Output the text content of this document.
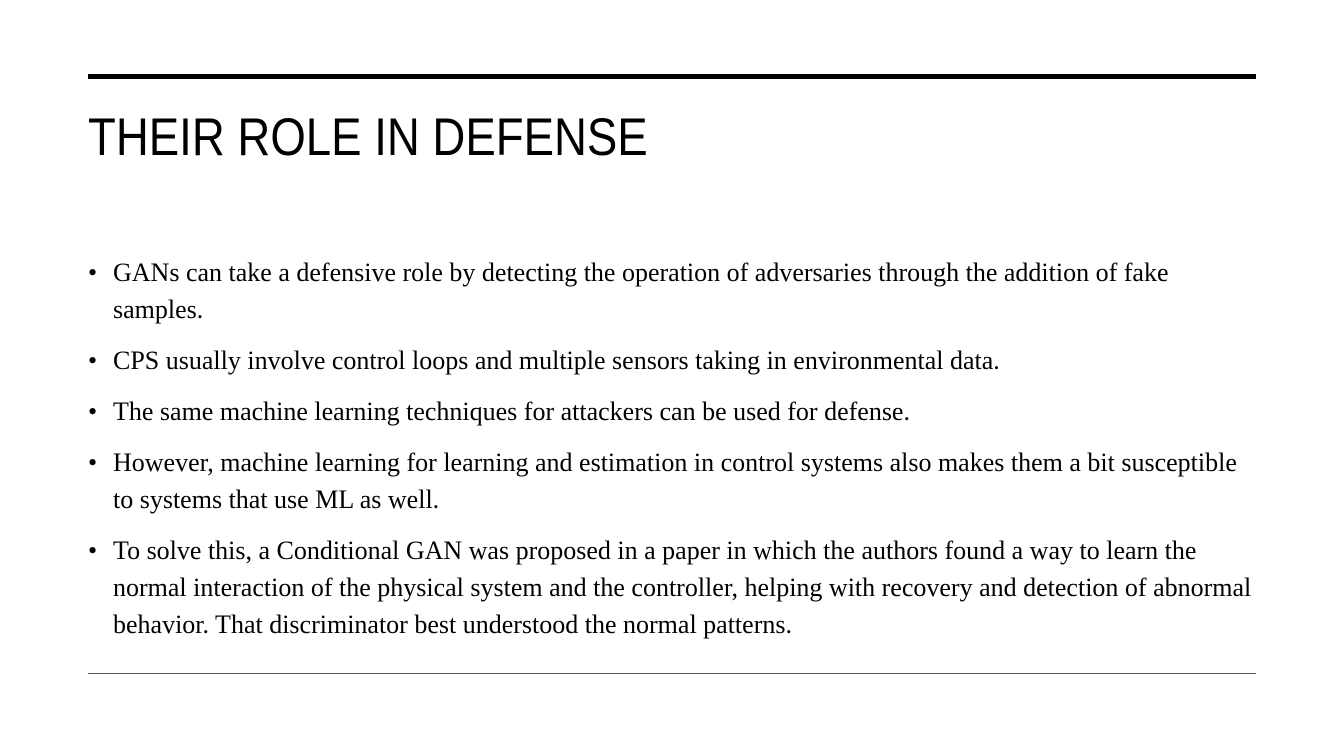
THEIR ROLE IN DEFENSE
• GANs can take a defensive role by detecting the operation of adversaries through the addition of fake samples.
• CPS usually involve control loops and multiple sensors taking in environmental data.
• The same machine learning techniques for attackers can be used for defense.
• However, machine learning for learning and estimation in control systems also makes them a bit susceptible to systems that use ML as well.
• To solve this, a Conditional GAN was proposed in a paper in which the authors found a way to learn the normal interaction of the physical system and the controller, helping with recovery and detection of abnormal behavior. That discriminator best understood the normal patterns.
